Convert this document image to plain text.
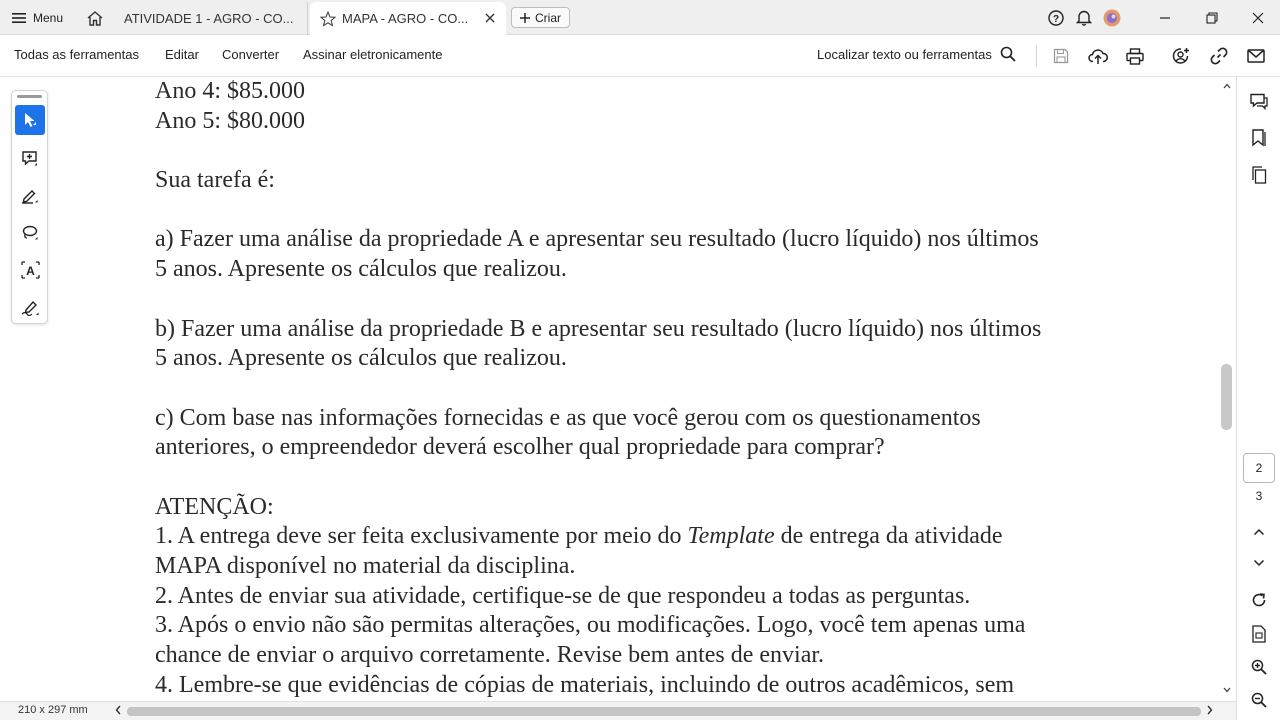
Menu	ATIVIDADE 1 - AGRO - CO...	MAPA - AGRO - CO...	Criar	?
Todas as ferramentas Editar Converter Assinar eletronicamente	Localizar texto ou ferramentas

Ano 4: $85.000

Ano 5: $80.000

Sua tarefa é:

a) Fazer uma análise da propriedade A e apresentar seu resultado (lucro líquido) nos últimos

5 anos. Apresente os cálculos que realizou.

b) Fazer uma análise da propriedade B e apresentar seu resultado (lucro líquido) nos últimos

5 anos. Apresente os cálculos que realizou.

c) Com base nas informações fornecidas e as que você gerou com os questionamentos

anteriores, o empreendedor deverá escolher qual propriedade para comprar?

ATENÇÃO:

1. A entrega deve ser feita exclusivamente por meio do Template de entrega da atividade

MAPA disponível no material da disciplina.

2. Antes de enviar sua atividade, certifique-se de que respondeu a todas as perguntas.

3. Após o envio não são permitas alterações, ou modificações. Logo, você tem apenas uma

chance de enviar o arquivo corretamente. Revise bem antes de enviar.

4. Lembre-se que evidências de cópias de materiais, incluindo de outros acadêmicos, sem

A
2
3
210 x 297 mm
